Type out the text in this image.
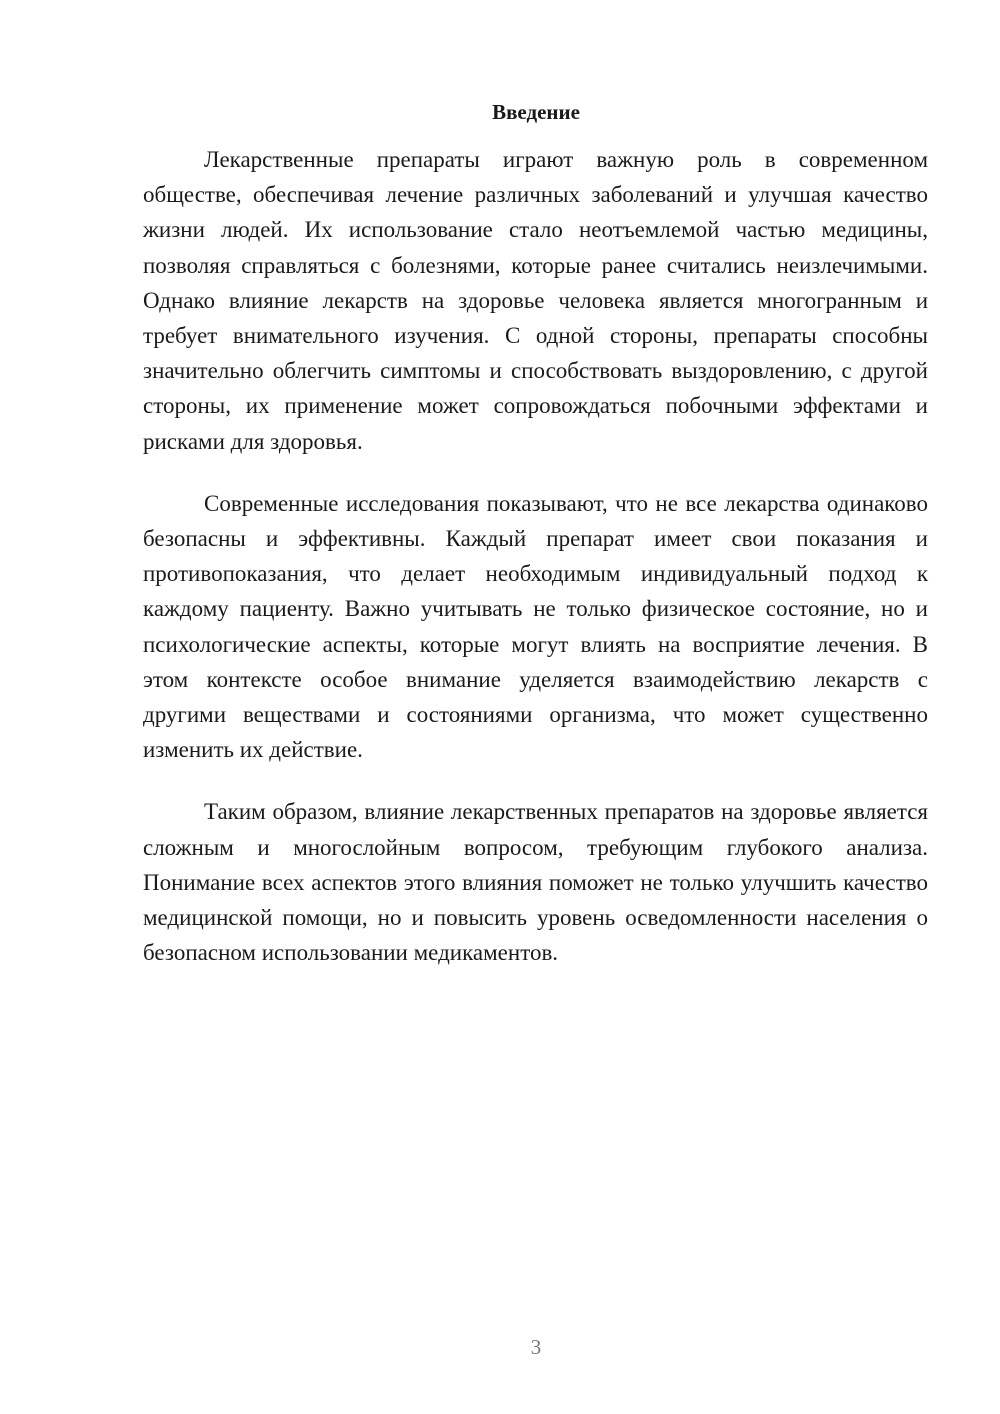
Введение

Лекарственные препараты играют важную роль в современном обществе, обеспечивая лечение различных заболеваний и улучшая качество жизни людей. Их использование стало неотъемлемой частью медицины, позволяя справляться с болезнями, которые ранее считались неизлечимыми. Однако влияние лекарств на здоровье человека является многогранным и требует внимательного изучения. С одной стороны, препараты способны значительно облегчить симптомы и способствовать выздоровлению, с другой стороны, их применение может сопровождаться побочными эффектами и рисками для здоровья.

Современные исследования показывают, что не все лекарства одинаково безопасны и эффективны. Каждый препарат имеет свои показания и противопоказания, что делает необходимым индивидуальный подход к каждому пациенту. Важно учитывать не только физическое состояние, но и психологические аспекты, которые могут влиять на восприятие лечения. В этом контексте особое внимание уделяется взаимодействию лекарств с другими веществами и состояниями организма, что может существенно изменить их действие.

Таким образом, влияние лекарственных препаратов на здоровье является сложным и многослойным вопросом, требующим глубокого анализа. Понимание всех аспектов этого влияния поможет не только улучшить качество медицинской помощи, но и повысить уровень осведомленности населения о безопасном использовании медикаментов.

3
